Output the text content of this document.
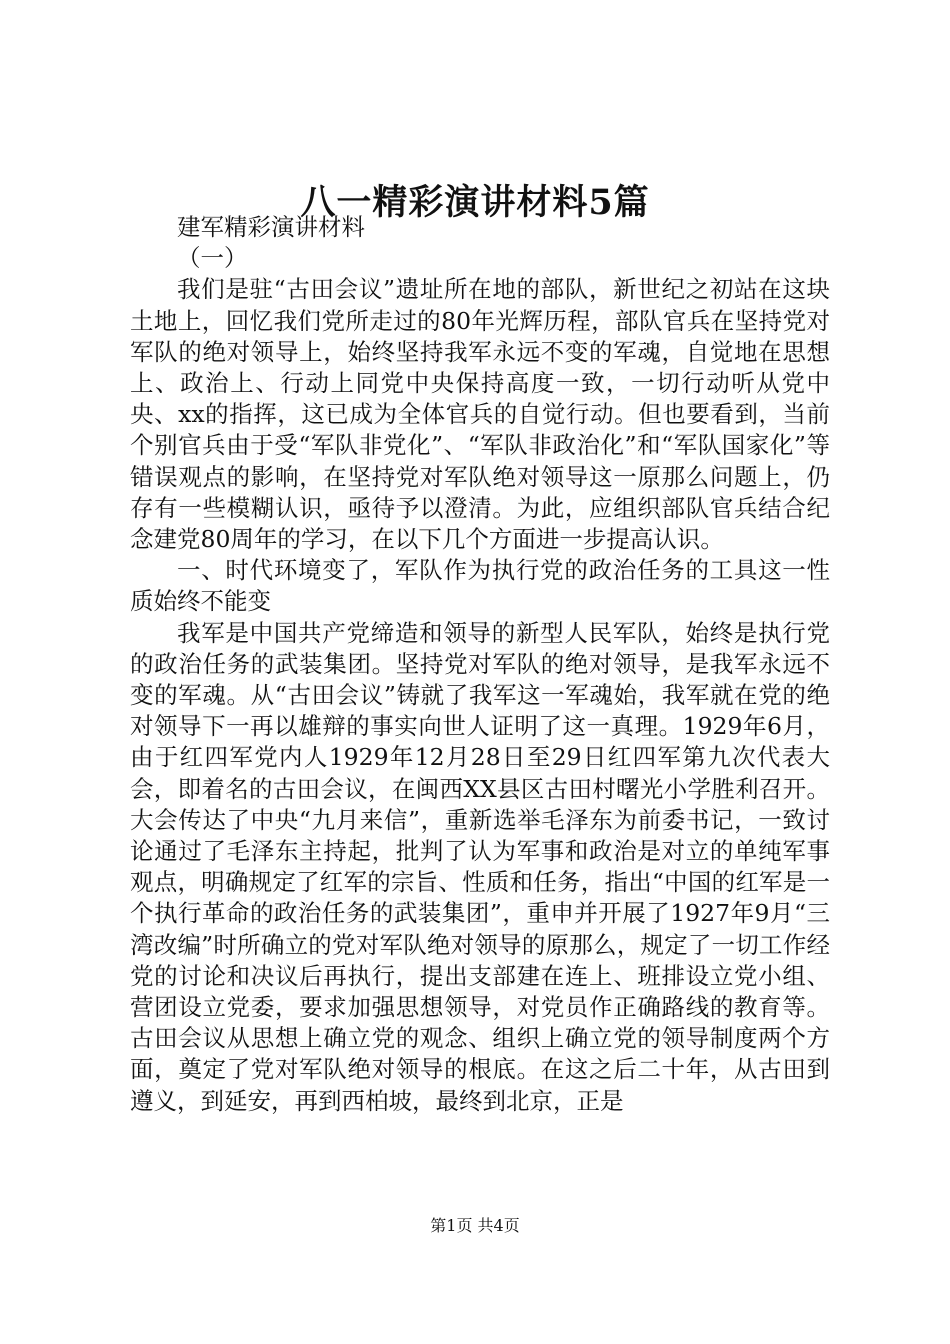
八一精彩演讲材料5篇

建军精彩演讲材料

（一）

我们是驻“古田会议”遗址所在地的部队，新世纪之初站在这块土地上，回忆我们党所走过的80年光辉历程，部队官兵在坚持党对军队的绝对领导上，始终坚持我军永远不变的军魂，自觉地在思想上、政治上、行动上同党中央保持高度一致，一切行动听从党中央、xx的指挥，这已成为全体官兵的自觉行动。但也要看到，当前个别官兵由于受“军队非党化”、“军队非政治化”和“军队国家化”等错误观点的影响，在坚持党对军队绝对领导这一原那么问题上，仍存有一些模糊认识，亟待予以澄清。为此，应组织部队官兵结合纪念建党80周年的学习，在以下几个方面进一步提高认识。

一、时代环境变了，军队作为执行党的政治任务的工具这一性质始终不能变

我军是中国共产党缔造和领导的新型人民军队，始终是执行党的政治任务的武装集团。坚持党对军队的绝对领导，是我军永远不变的军魂。从“古田会议”铸就了我军这一军魂始，我军就在党的绝对领导下一再以雄辩的事实向世人证明了这一真理。1929年6月，由于红四军党内人1929年12月28日至29日红四军第九次代表大会，即着名的古田会议，在闽西XX县区古田村曙光小学胜利召开。大会传达了中央“九月来信”，重新选举毛泽东为前委书记，一致讨论通过了毛泽东主持起，批判了认为军事和政治是对立的单纯军事观点，明确规定了红军的宗旨、性质和任务，指出“中国的红军是一个执行革命的政治任务的武装集团”，重申并开展了1927年9月“三湾改编”时所确立的党对军队绝对领导的原那么，规定了一切工作经党的讨论和决议后再执行，提出支部建在连上、班排设立党小组、营团设立党委，要求加强思想领导，对党员作正确路线的教育等。古田会议从思想上确立党的观念、组织上确立党的领导制度两个方面，奠定了党对军队绝对领导的根底。在这之后二十年，从古田到遵义，到延安，再到西柏坡，最终到北京，正是

第1页 共4页
